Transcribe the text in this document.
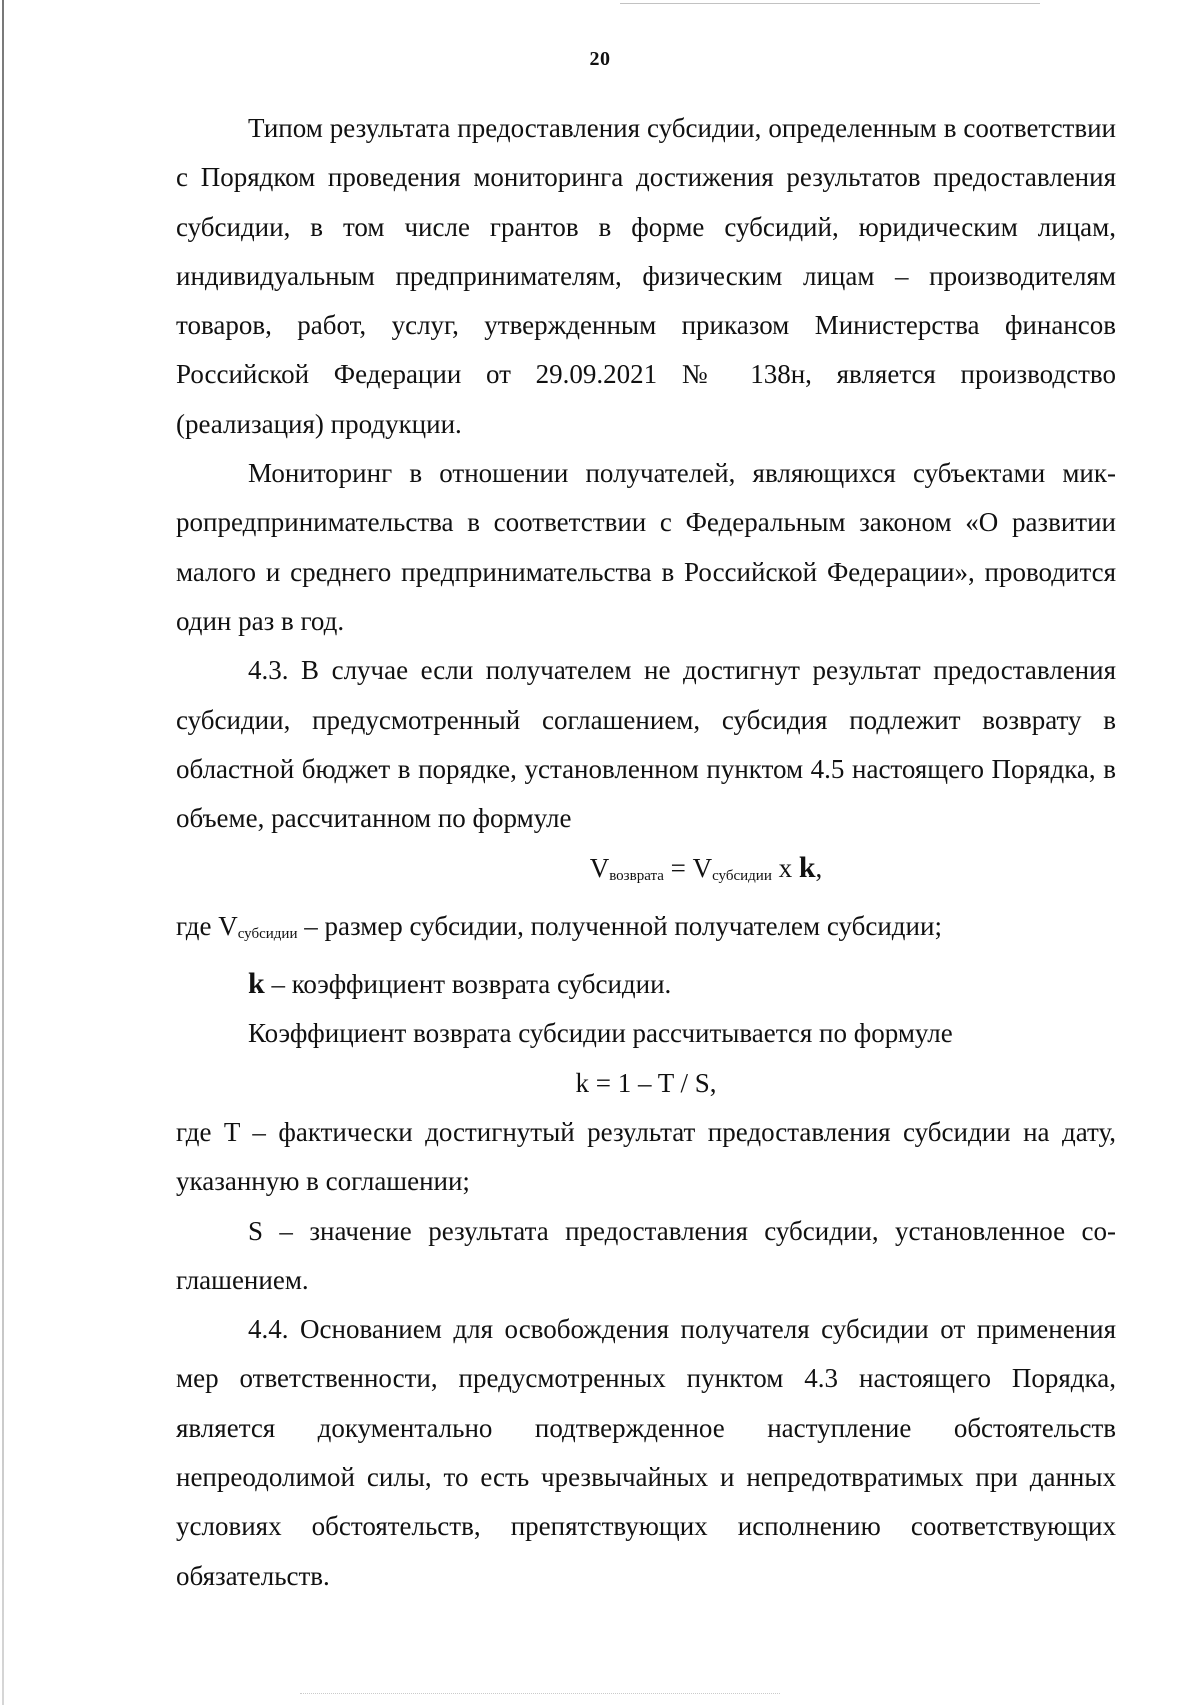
20

Типом результата предоставления субсидии, определенным в соответствии с Порядком проведения мониторинга достижения результатов предоставления субсидии, в том числе грантов в форме субсидий, юридическим лицам, индивидуальным предпринимателям, физическим лицам – производителям товаров, работ, услуг, утвержденным приказом Министерства финансов Российской Федерации от 29.09.2021 № 138н, является производство (реализация) продукции.

Мониторинг в отношении получателей, являющихся субъектами микропредпринимательства в соответствии с Федеральным законом «О развитии малого и среднего предпринимательства в Российской Федерации», проводится один раз в год.

4.3. В случае если получателем не достигнут результат предоставления субсидии, предусмотренный соглашением, субсидия подлежит возврату в областной бюджет в порядке, установленном пунктом 4.5 настоящего Порядка, в объеме, рассчитанном по формуле

$V_{возврата} = V_{субсидии}$ x k,

где $V_{субсидии}$ – размер субсидии, полученной получателем субсидии;

k – коэффициент возврата субсидии.

Коэффициент возврата субсидии рассчитывается по формуле

k = 1 – T / S,

где T – фактически достигнутый результат предоставления субсидии на дату, указанную в соглашении;

S – значение результата предоставления субсидии, установленное соглашением.

4.4. Основанием для освобождения получателя субсидии от применения мер ответственности, предусмотренных пунктом 4.3 настоящего Порядка, является документально подтвержденное наступление обстоятельств непреодолимой силы, то есть чрезвычайных и непредотвратимых при данных условиях обстоятельств, препятствующих исполнению соответствующих обязательств.
